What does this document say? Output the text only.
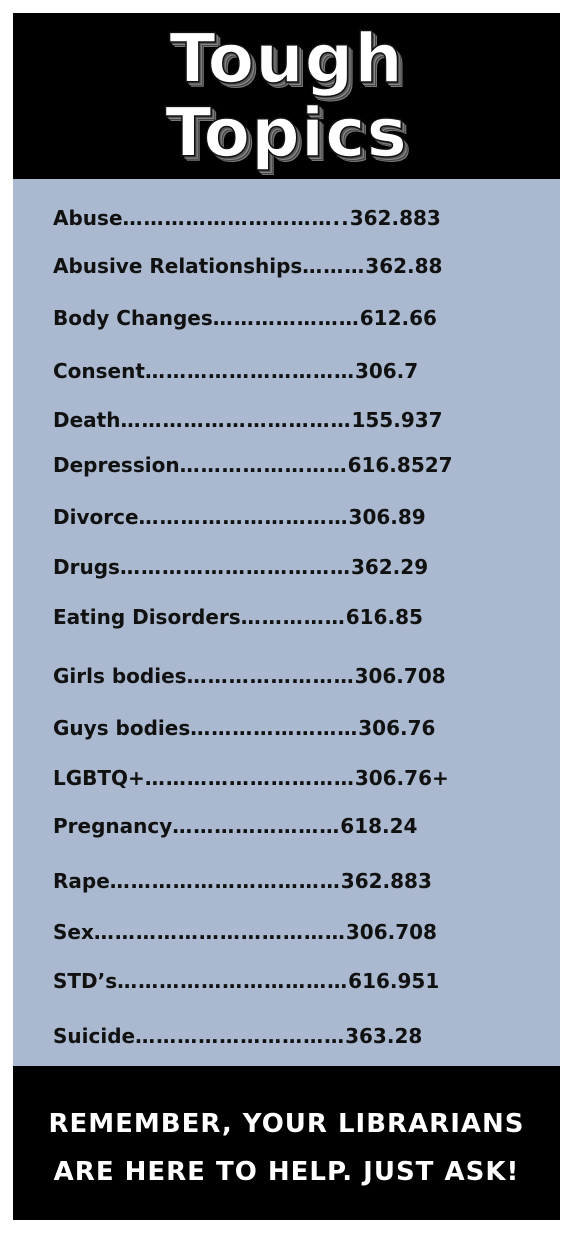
Tough
Topics
Abuse…………………………..362.883
Abusive Relationships………362.88
Body Changes…………………612.66
Consent…………………………306.7
Death……………………………155.937
Depression……………………616.8527
Divorce…………………………306.89
Drugs……………………………362.29
Eating Disorders……………616.85
Girls bodies……………………306.708
Guys bodies……………………306.76
LGBTQ+…………………………306.76+
Pregnancy……………………618.24
Rape……………………………362.883
Sex………………………………306.708
STD’s……………………………616.951
Suicide…………………………363.28
REMEMBER, YOUR LIBRARIANS
ARE HERE TO HELP. JUST ASK!
